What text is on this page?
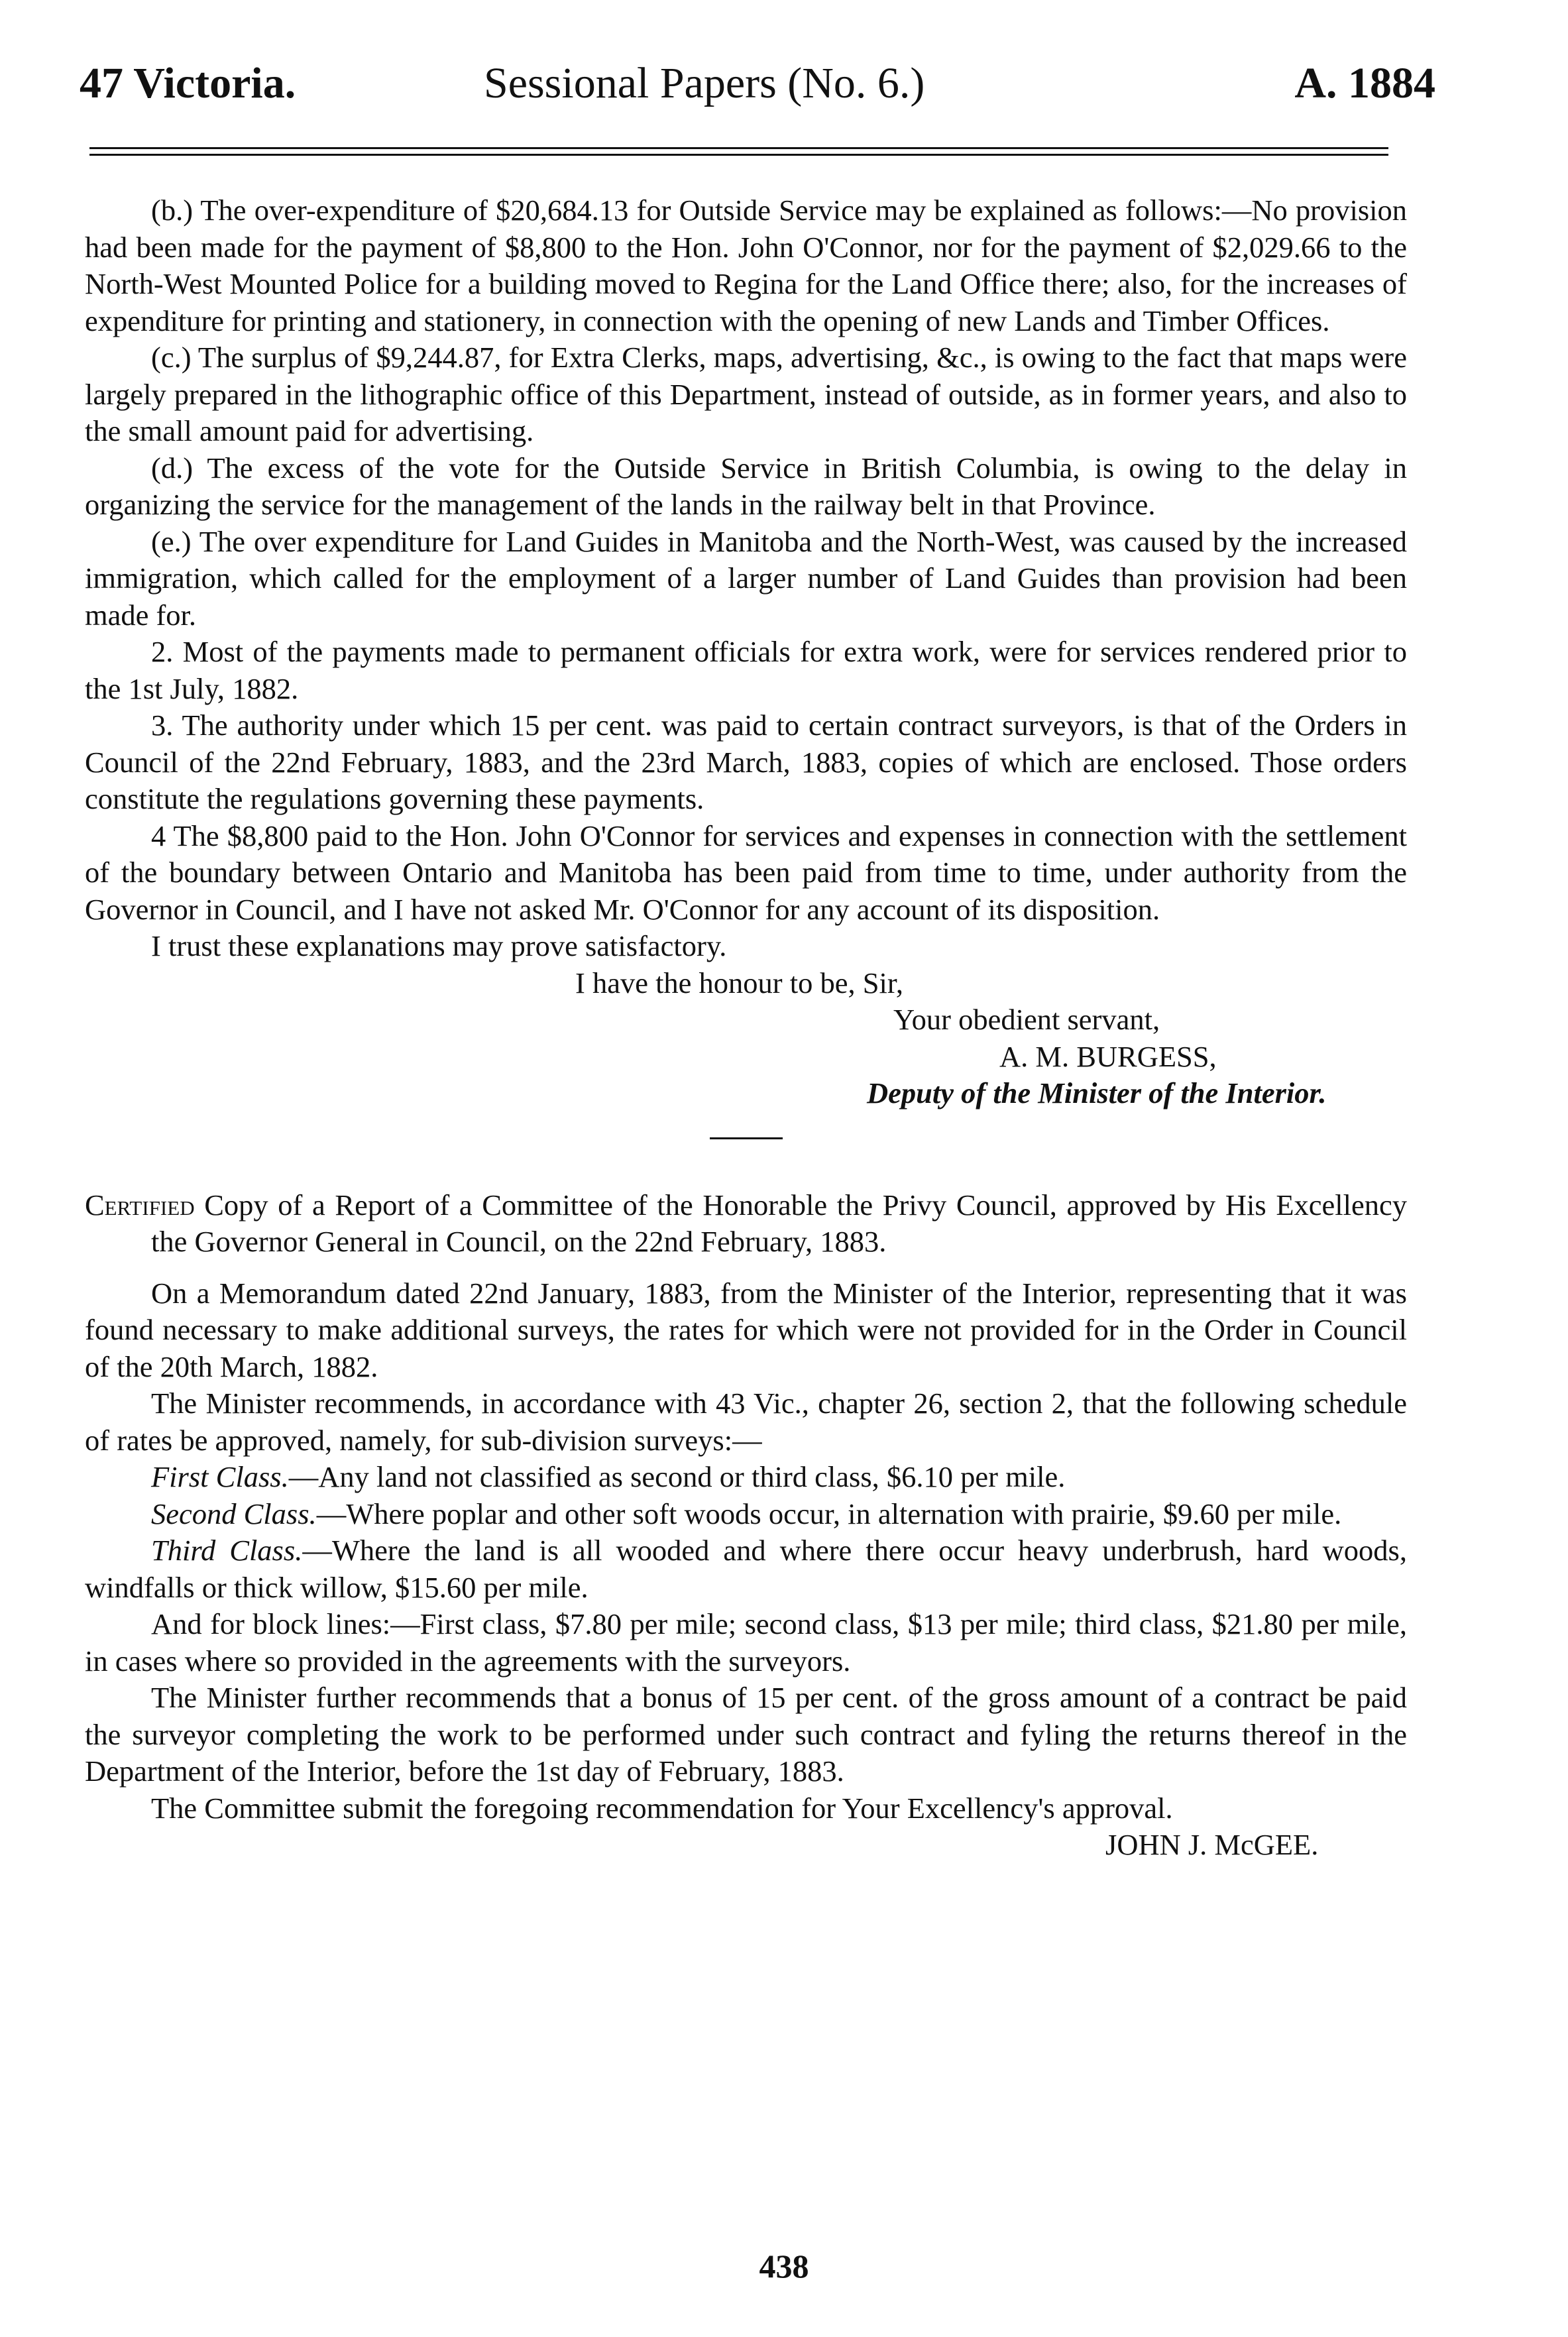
47 Victoria.	Sessional Papers (No. 6.)	A. 1884

(b.) The over-expenditure of $20,684.13 for Outside Service may be explained as follows:—No provision had been made for the payment of $8,800 to the Hon. John O'Connor, nor for the payment of $2,029.66 to the North-West Mounted Police for a building moved to Regina for the Land Office there; also, for the increases of expenditure for printing and stationery, in connection with the opening of new Lands and Timber Offices.

(c.) The surplus of $9,244.87, for Extra Clerks, maps, advertising, &c., is owing to the fact that maps were largely prepared in the lithographic office of this Department, instead of outside, as in former years, and also to the small amount paid for advertising.

(d.) The excess of the vote for the Outside Service in British Columbia, is owing to the delay in organizing the service for the management of the lands in the railway belt in that Province.

(e.) The over expenditure for Land Guides in Manitoba and the North-West, was caused by the increased immigration, which called for the employment of a larger number of Land Guides than provision had been made for.

2. Most of the payments made to permanent officials for extra work, were for services rendered prior to the 1st July, 1882.

3. The authority under which 15 per cent. was paid to certain contract surveyors, is that of the Orders in Council of the 22nd February, 1883, and the 23rd March, 1883, copies of which are enclosed. Those orders constitute the regulations governing these payments.

4 The $8,800 paid to the Hon. John O'Connor for services and expenses in connection with the settlement of the boundary between Ontario and Manitoba has been paid from time to time, under authority from the Governor in Council, and I have not asked Mr. O'Connor for any account of its disposition.

I trust these explanations may prove satisfactory.

I have the honour to be, Sir,

Your obedient servant,

A. M. BURGESS,

Deputy of the Minister of the Interior.

Certified Copy of a Report of a Committee of the Honorable the Privy Council, approved by His Excellency the Governor General in Council, on the 22nd February, 1883.

On a Memorandum dated 22nd January, 1883, from the Minister of the Interior, representing that it was found necessary to make additional surveys, the rates for which were not provided for in the Order in Council of the 20th March, 1882.

The Minister recommends, in accordance with 43 Vic., chapter 26, section 2, that the following schedule of rates be approved, namely, for sub-division surveys:—

First Class.—Any land not classified as second or third class, $6.10 per mile.

Second Class.—Where poplar and other soft woods occur, in alternation with prairie, $9.60 per mile.

Third Class.—Where the land is all wooded and where there occur heavy underbrush, hard woods, windfalls or thick willow, $15.60 per mile.

And for block lines:—First class, $7.80 per mile; second class, $13 per mile; third class, $21.80 per mile, in cases where so provided in the agreements with the surveyors.

The Minister further recommends that a bonus of 15 per cent. of the gross amount of a contract be paid the surveyor completing the work to be performed under such contract and fyling the returns thereof in the Department of the Interior, before the 1st day of February, 1883.

The Committee submit the foregoing recommendation for Your Excellency's approval.

JOHN J. McGEE.

438
